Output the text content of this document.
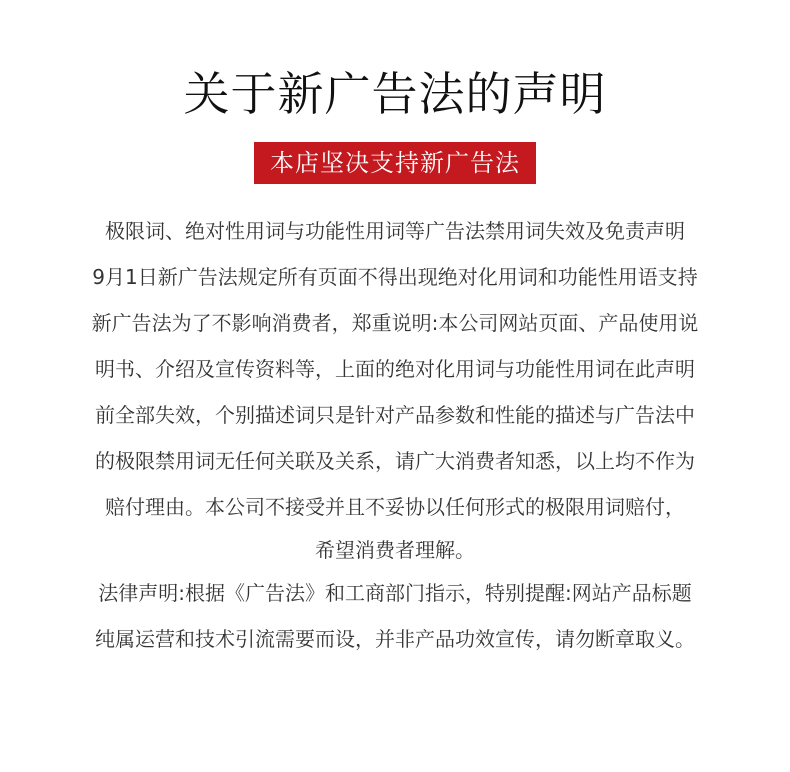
关于新广告法的声明
本店坚决支持新广告法
极限词、绝对性用词与功能性用词等广告法禁用词失效及免责声明
9月1日新广告法规定所有页面不得出现绝对化用词和功能性用语支持
新广告法为了不影响消费者，郑重说明:本公司网站页面、产品使用说
明书、介绍及宣传资料等，上面的绝对化用词与功能性用词在此声明
前全部失效，个别描述词只是针对产品参数和性能的描述与广告法中
的极限禁用词无任何关联及关系，请广大消费者知悉，以上均不作为
赔付理由。本公司不接受并且不妥协以任何形式的极限用词赔付，
希望消费者理解。
法律声明:根据《广告法》和工商部门指示，特别提醒:网站产品标题
纯属运营和技术引流需要而设，并非产品功效宣传，请勿断章取义。
